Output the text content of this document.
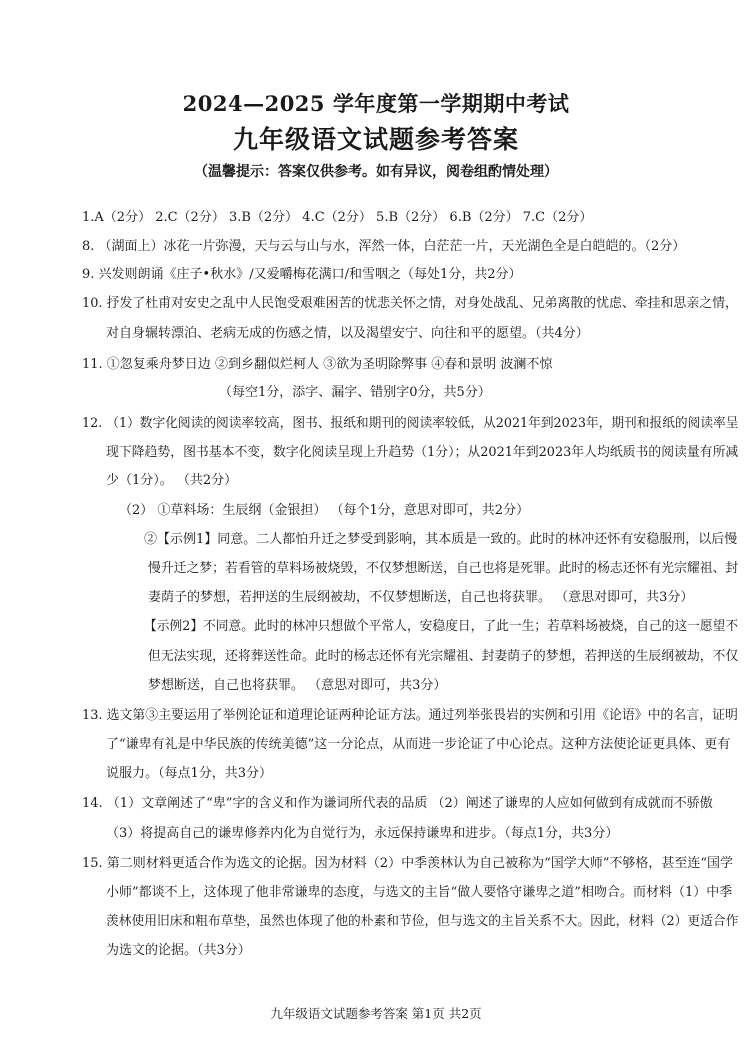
2024—2025 学年度第一学期期中考试
九年级语文试题参考答案
（温馨提示：答案仅供参考。如有异议，阅卷组酌情处理）
1.A（2分） 2.C（2分） 3.B（2分） 4.C（2分） 5.B（2分） 6.B（2分） 7.C（2分）
8. （湖面上）冰花一片弥漫，天与云与山与水，浑然一体，白茫茫一片，天光湖色全是白皑皑的。（2分）
9. 兴发则朗诵《庄子•秋水》/又爱嚼梅花满口/和雪咽之（每处1分，共2分）
10. 抒发了杜甫对安史之乱中人民饱受艰难困苦的忧悲关怀之情，对身处战乱、兄弟离散的忧虑、牵挂和思亲之情，
对自身辗转漂泊、老病无成的伤感之情，以及渴望安宁、向往和平的愿望。（共4分）
11. ①忽复乘舟梦日边 ②到乡翻似烂柯人 ③欲为圣明除弊事 ④春和景明 波澜不惊
（每空1分，添字、漏字、错别字0分，共5分）
12. （1）数字化阅读的阅读率较高，图书、报纸和期刊的阅读率较低，从2021年到2023年，期刊和报纸的阅读率呈
现下降趋势，图书基本不变，数字化阅读呈现上升趋势（1分）；从2021年到2023年人均纸质书的阅读量有所减
少（1分）。 （共2分）
（2） ①草料场：生辰纲（金银担） （每个1分，意思对即可，共2分）
②【示例1】同意。二人都怕升迁之梦受到影响，其本质是一致的。此时的林冲还怀有安稳服刑，以后慢
慢升迁之梦；若看管的草料场被烧毁，不仅梦想断送，自己也将是死罪。此时的杨志还怀有光宗耀祖、封
妻荫子的梦想，若押送的生辰纲被劫，不仅梦想断送，自己也将获罪。 （意思对即可，共3分）
【示例2】不同意。此时的林冲只想做个平常人，安稳度日，了此一生；若草料场被烧，自己的这一愿望不
但无法实现，还将葬送性命。此时的杨志还怀有光宗耀祖、封妻荫子的梦想，若押送的生辰纲被劫，不仅
梦想断送，自己也将获罪。 （意思对即可，共3分）
13. 选文第③主要运用了举例论证和道理论证两种论证方法。通过列举张畏岩的实例和引用《论语》中的名言，证明
了“谦卑有礼是中华民族的传统美德”这一分论点，从而进一步论证了中心论点。这种方法使论证更具体、更有
说服力。（每点1分，共3分）
14. （1）文章阐述了“卑”字的含义和作为谦词所代表的品质 （2）阐述了谦卑的人应如何做到有成就而不骄傲
（3）将提高自己的谦卑修养内化为自觉行为，永远保持谦卑和进步。（每点1分，共3分）
15. 第二则材料更适合作为选文的论据。因为材料（2）中季羡林认为自己被称为“国学大师”不够格，甚至连“国学
小师”都谈不上，这体现了他非常谦卑的态度，与选文的主旨“做人要恪守谦卑之道”相吻合。而材料（1）中季
羡林使用旧床和粗布草垫，虽然也体现了他的朴素和节俭，但与选文的主旨关系不大。因此，材料（2）更适合作
为选文的论据。（共3分）
九年级语文试题参考答案 第1页 共2页
